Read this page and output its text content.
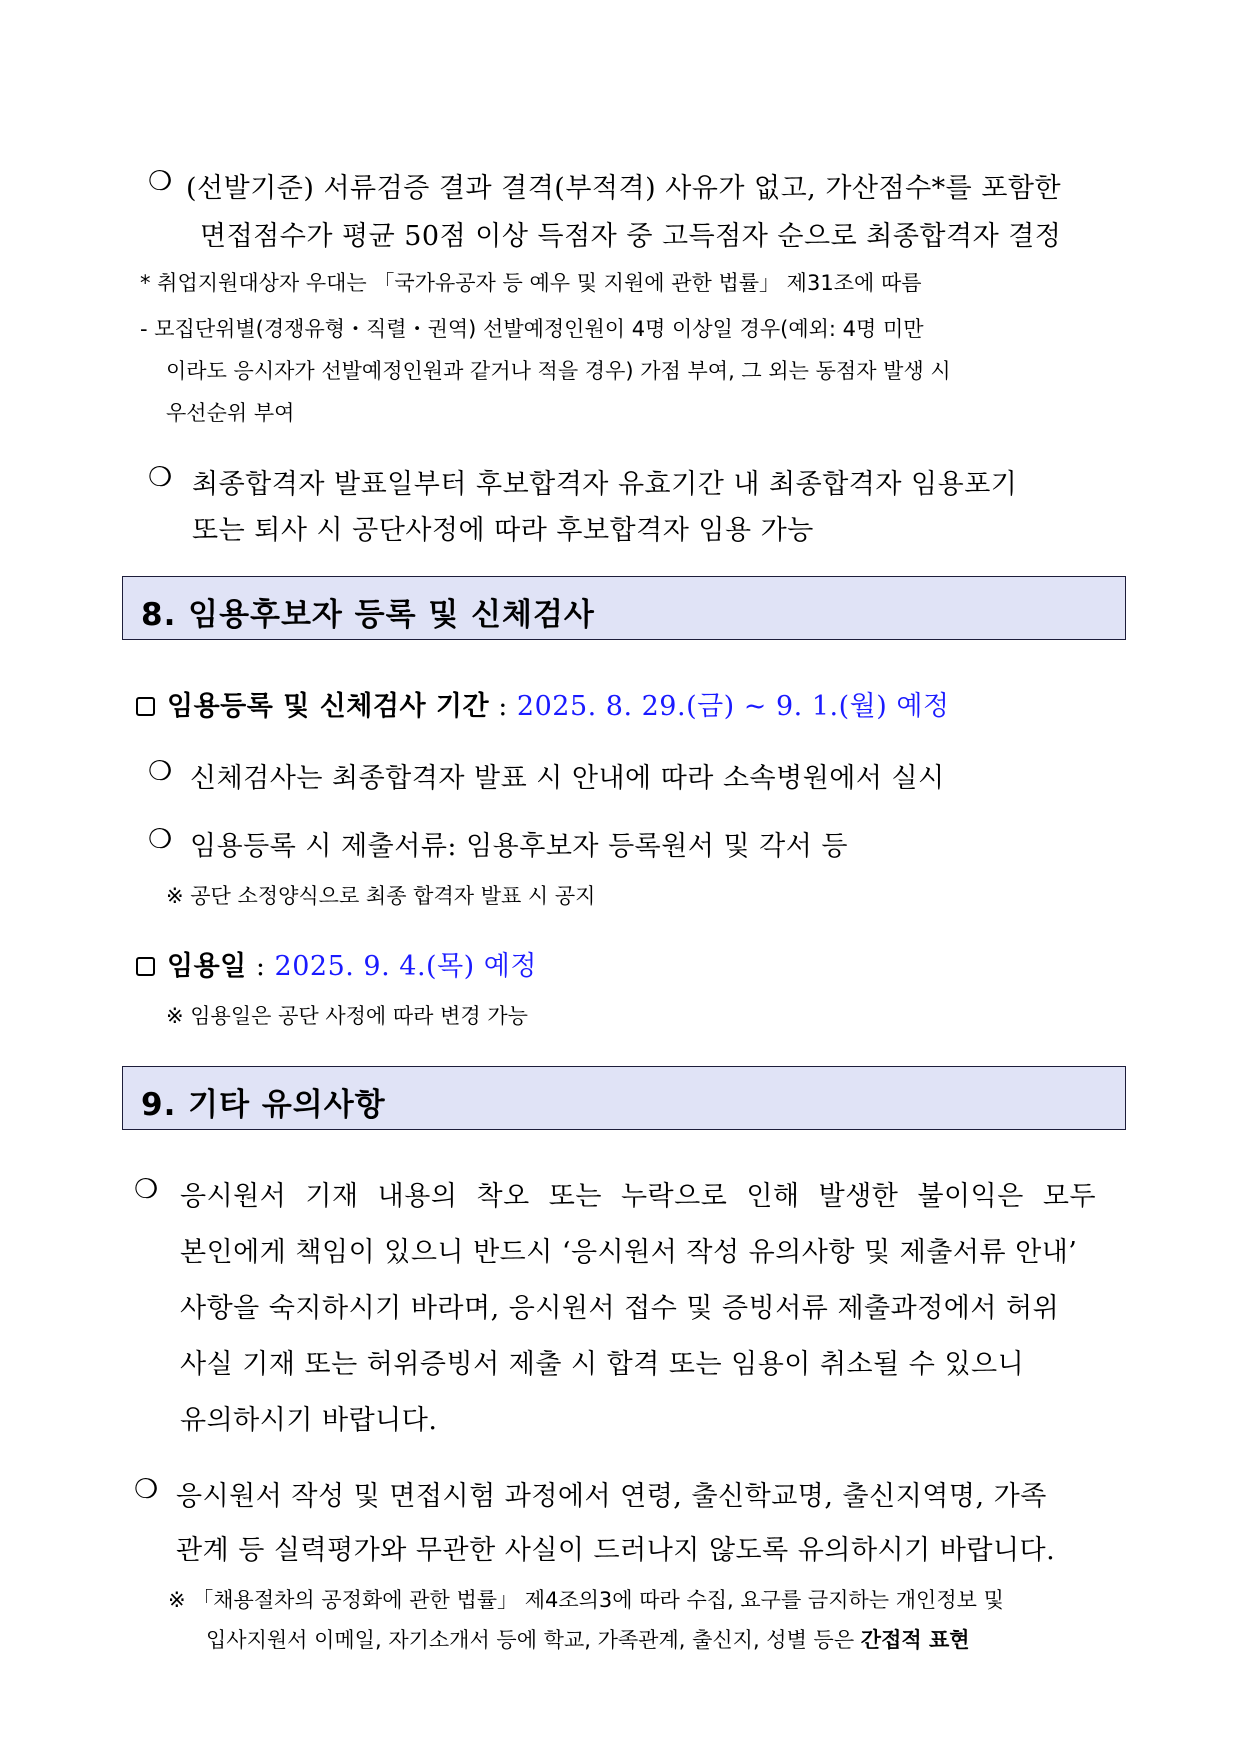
❍ (선발기준) 서류검증 결과 결격(부적격) 사유가 없고, 가산점수*를 포함한
면접점수가 평균 50점 이상 득점자 중 고득점자 순으로 최종합격자 결정
* 취업지원대상자 우대는 「국가유공자 등 예우 및 지원에 관한 법률」 제31조에 따름
- 모집단위별(경쟁유형・직렬・권역) 선발예정인원이 4명 이상일 경우(예외: 4명 미만
이라도 응시자가 선발예정인원과 같거나 적을 경우) 가점 부여, 그 외는 동점자 발생 시
우선순위 부여
❍ 최종합격자 발표일부터 후보합격자 유효기간 내 최종합격자 임용포기
또는 퇴사 시 공단사정에 따라 후보합격자 임용 가능
8. 임용후보자 등록 및 신체검사
임용등록 및 신체검사 기간 : 2025. 8. 29.(금) ~ 9. 1.(월) 예정
❍ 신체검사는 최종합격자 발표 시 안내에 따라 소속병원에서 실시
❍ 임용등록 시 제출서류: 임용후보자 등록원서 및 각서 등
※ 공단 소정양식으로 최종 합격자 발표 시 공지
임용일 : 2025. 9. 4.(목) 예정
※ 임용일은 공단 사정에 따라 변경 가능
9. 기타 유의사항
❍ 응시원서 기재 내용의 착오 또는 누락으로 인해 발생한 불이익은 모두
본인에게 책임이 있으니 반드시 ‘응시원서 작성 유의사항 및 제출서류 안내’
사항을 숙지하시기 바라며, 응시원서 접수 및 증빙서류 제출과정에서 허위
사실 기재 또는 허위증빙서 제출 시 합격 또는 임용이 취소될 수 있으니
유의하시기 바랍니다.
❍ 응시원서 작성 및 면접시험 과정에서 연령, 출신학교명, 출신지역명, 가족
관계 등 실력평가와 무관한 사실이 드러나지 않도록 유의하시기 바랍니다.
※ 「채용절차의 공정화에 관한 법률」 제4조의3에 따라 수집, 요구를 금지하는 개인정보 및
입사지원서 이메일, 자기소개서 등에 학교, 가족관계, 출신지, 성별 등은 간접적 표현
